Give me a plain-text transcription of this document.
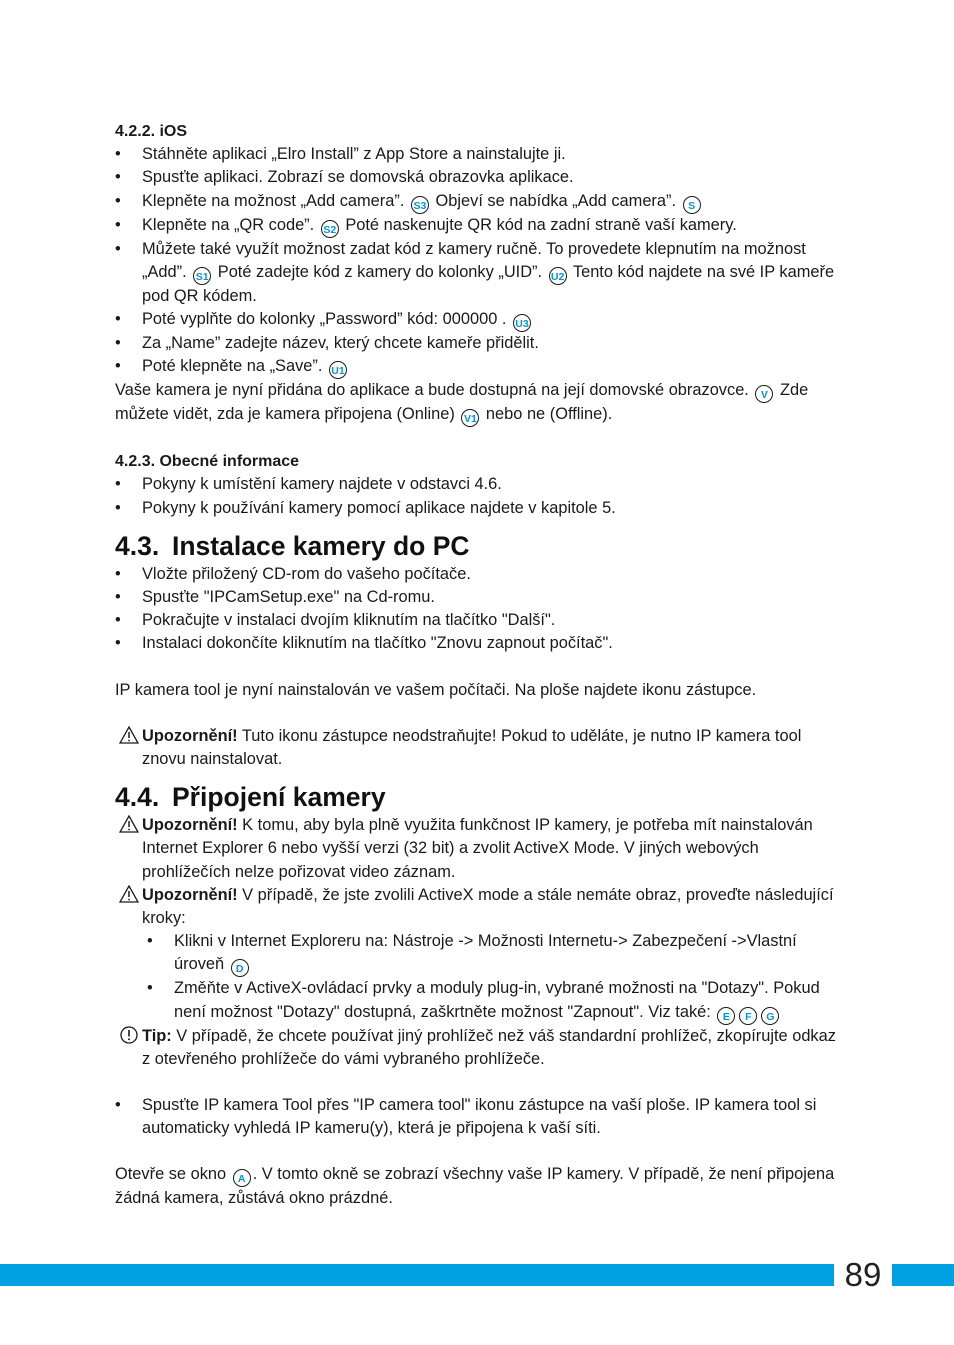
4.2.2. iOS

• Stáhněte aplikaci „Elro Install” z App Store a nainstalujte ji.
• Spusťte aplikaci. Zobrazí se domovská obrazovka aplikace.
• Klepněte na možnost „Add camera”. S3 Objeví se nabídka „Add camera”. S
• Klepněte na „QR code”. S2 Poté naskenujte QR kód na zadní straně vaší kamery.
• Můžete také využít možnost zadat kód z kamery ručně. To provedete klepnutím na možnost „Add”. S1 Poté zadejte kód z kamery do kolonky „UID”. U2 Tento kód najdete na své IP kameře pod QR kódem.
• Poté vyplňte do kolonky „Password” kód: 000000 . U3
• Za „Name” zadejte název, který chcete kameře přidělit.
• Poté klepněte na „Save”. U1

Vaše kamera je nyní přidána do aplikace a bude dostupná na její domovské obrazovce. V Zde můžete vidět, zda je kamera připojena (Online) V1 nebo ne (Offline).

4.2.3. Obecné informace

• Pokyny k umístění kamery najdete v odstavci 4.6.
• Pokyny k používání kamery pomocí aplikace najdete v kapitole 5.
4.3. Instalace kamery do PC
• Vložte přiložený CD-rom do vašeho počítače.
• Spusťte "IPCamSetup.exe" na Cd-romu.
• Pokračujte v instalaci dvojím kliknutím na tlačítko "Další".
• Instalaci dokončíte kliknutím na tlačítko "Znovu zapnout počítač".

IP kamera tool je nyní nainstalován ve vašem počítači. Na ploše najdete ikonu zástupce.

Upozornění! Tuto ikonu zástupce neodstraňujte! Pokud to uděláte, je nutno IP kamera tool znovu nainstalovat.
4.4. Připojení kamery
Upozornění! K tomu, aby byla plně využita funkčnost IP kamery, je potřeba mít nainstalován Internet Explorer 6 nebo vyšší verzi (32 bit) a zvolit ActiveX Mode. V jiných webových prohlížečích nelze pořizovat video záznam.
Upozornění! V případě, že jste zvolili ActiveX mode a stále nemáte obraz, proveďte následující kroky:
• Klikni v Internet Exploreru na: Nástroje -> Možnosti Internetu-> Zabezpečení ->Vlastní úroveň D
• Změňte v ActiveX-ovládací prvky a moduly plug-in, vybrané možnosti na "Dotazy". Pokud není možnost "Dotazy" dostupná, zaškrtněte možnost "Zapnout". Viz také: E F G
Tip: V případě, že chcete používat jiný prohlížeč než váš standardní prohlížeč, zkopírujte odkaz z otevřeného prohlížeče do vámi vybraného prohlížeče.
• Spusťte IP kamera Tool přes "IP camera tool" ikonu zástupce na vaší ploše. IP kamera tool si automaticky vyhledá IP kameru(y), která je připojena k vaší síti.

Otevře se okno A . V tomto okně se zobrazí všechny vaše IP kamery. V případě, že není připojena žádná kamera, zůstává okno prázdné.

89
